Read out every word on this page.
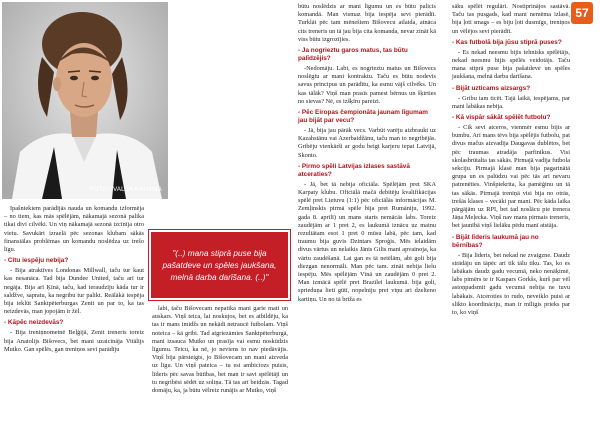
FOTO - VALDA KALNIŅA
57

Ipašniekiem parādījās nauda un komandu izformēja – no tiem, kas mās spēlējām, nākamajā sezonā palika tikai divi cilvēki. Un viņ nākamajā sezonā izcīnīja otro vietu. Savukārt izraelā pēc sezonas klubam sākās finansiālas problēmas un komandu noslēdza uz trešo līgu.

- Citu iespēju nebija?

- Bija atraktīves Londonas Millwall, taču tur kaut kas nesanāca. Tad bija Dundee United, taču arī tur negāja. Bija arī Ķīnā, taču, kad ieraudzīju kāda tur ir saldžve, sapratu, ka negribu tur palikt. Reālākā iespēja bija ieklūt Sanktpēterburgas Zenit un par to, ka tas neizdevās, man jopojām ir žēl.

- Kāpēc neizdevās?

- Bija treniņnometnē Beļģijā, Zenit treneris toreiz bija Anatolijs Bišovecs, bet mani uzaicināja Vitālijs Mutko. Gan spēlēs, gan treniņos sevi parādīju

"(..) mana stiprā puse bija pašatdeve un spēles jaukšana, melnā darba darīšana. (..)"

labi, taču Bišovecam nepatika mani garie mati un auskars. Viņš teica, lai noskujos, bet es atbildēju, ka tas ir mans imidžs un nekādi netraucē futbolam. Viņš noteica – kā gribi. Tad atgriezāmies Sanktpēterburgā, mani izsauca Mutko un prasīja vai esmu noskūdzis līgumu. Teicu, ka nē, jo neviens to nav piedāvājis. Viņš bija pārsteigts, jo Bišovecam un mani aizveda uz līgu. Un viņš pateica – tu esi ambiciozs puisis, līderis pēc savas būtības, bet man ir savi spēlētāji un tu negribēsi sēdēt uz soliņa. Tā tas arī beidzās. Tagad domāju, ka, ja būtu vēlreiz runājis ar Mutko, viņš

būtu noslēdzis ar mani līgumu un es būtu palicis komandā. Man vismaz bija iespēja sevi pierādīt. Turklāt pēc tam mēnešiem Bišovecu atlaida, atnāca cits treneris un tā jau bija cita komanda, nevar zināt kā viss būtu izgrozījies.

- Ja nogrieztu garos matus, tas būtu palīdzējis?

-Nedomāju. Labi, es nogrieztu matus un Bišovecs noslēgtu ar mani kontraktu. Taču es būtu nodevis savus principus un parādītu, ka esmu vājš cilvēks. Un kas tālāk? Viņš man prasīs pamest bērnus un šķirties no sievas? Nē, es izšķīru pareizi.

- Pēc Eiropas čempionāta jaunam līgumam jau bijāt par vecu?

- Jā, bija jau pārāk vecs. Varbūt varēju aizbraukt uz Kazahstānu vai Azerbaidžānu, taču man to negribējās. Gribēju vienkārši ar godu beigt karjeru tepat Latvijā, Skonto.

- Pirmo spēli Latvijas izlases sastāvā atceraties?

- Jā, bet tā nebija oficiāla. Spēlējām pret SKA Karpaty klubu. Oficiālā mačā debitēju kvalifikācijas spēlē pret Lietuvu (1:1) pēc oficiālās informācijas M. Zemļinskis pirmā spēle bija pret Rumāniju, 1992. gada 8. aprīlī) un mans starts nemācās labs. Toreiz zaudējām ar 1 pret 2, es laukumā iznācu uz mainu rezultātam esot 1 pret 0 mūsu labā, pēc tam, kad traumu bija guvis Dzintars Sproģis. Mēs ielaidām divus vārtus un nelaikis Jānis Gilis mani apvainoja, ka vārtu zaudēšanā. Lai gan es tā netēlām, abi goli bija diezgan nenormāli. Man pēc tam. zināt nebija lielu iespēju. Mēs spēlējām Vīnā un zaudējām 0 pret 2. Man izmācā spēlē pret Brazīlei laukumā. bija goli, sprieduņa lieti gūtī, nopelniju pret viņu ari dzelteno kartiņu. Un no tā brīža es

sāku spēlēt regulāri. Nostiprinājos sastāvā. Taču tas pusgads, kad mani nemēma izlasē, bija ļoti smags – es biju ļoti dusmīgs, treniņos un vēlējos sevi pierādīt.

- Kas futbolā bija jūsu stiprā puses?

- Es nekad neesmu bijis tehnisks spēlētājs, nekad neesmu bijis spēlēs veidotājs. Taču mana stiprā puse bija pašatdeve un spēles jaukšana, melnā darba darīšana.

- Bijāt uzticams aizsargs?

- Gribu tam ticēt. Tajā laikā, iespējams, par mani labākas nebija.

- Kā vispār sākāt spēlēt futbolu?

- Cik sevi atceros, vienmēr esmu bijis ar bumbu. Arī mans tēvs bija spēlējis futbolu, pat divus mačus aizvadīja Daugavas dublētos, bet pēc traumas atradāja parfinikus. Visi skolasbrūtalta tas sākās. Pirmajā vadīja futbola sekciju. Pirmajā klasē man bija pagarinātā grupa un es palūdzu vai pēc tās arī nevaru patrenēties. Vinšpiekrita, ka pamēģinu un tā tas sākās. Pirmajā treniņā visi bija no otrās, trešās klases – vecāki par mani. Pēc kāda laika pārgājām uz RPI, bet tad noslācu pie trenera Jāņa Meļecka. Viņš nav mans pirmais treneris, bet jaunībā viņš lielāku pēdu manī atstāja.

- Bijāt līderis laukumā jau no bērnības?

- Bija līderis, bet nekad ne zvaigzne. Daudz strādāju un tāpēc arī tik tālu tiku. Tas, ko es labākais daudz gadu vecumā, neko nenāķimē, labs pimērs te ir Kaspars Gorkšs, kurš par vēl astoņpadsmit gadu vecumā nebija ne tuvu labākais. Atceroties to rudo, neveiklo puisi ar slikto koordināciju, man ir mīlīgis prieks par to, ko viņš
